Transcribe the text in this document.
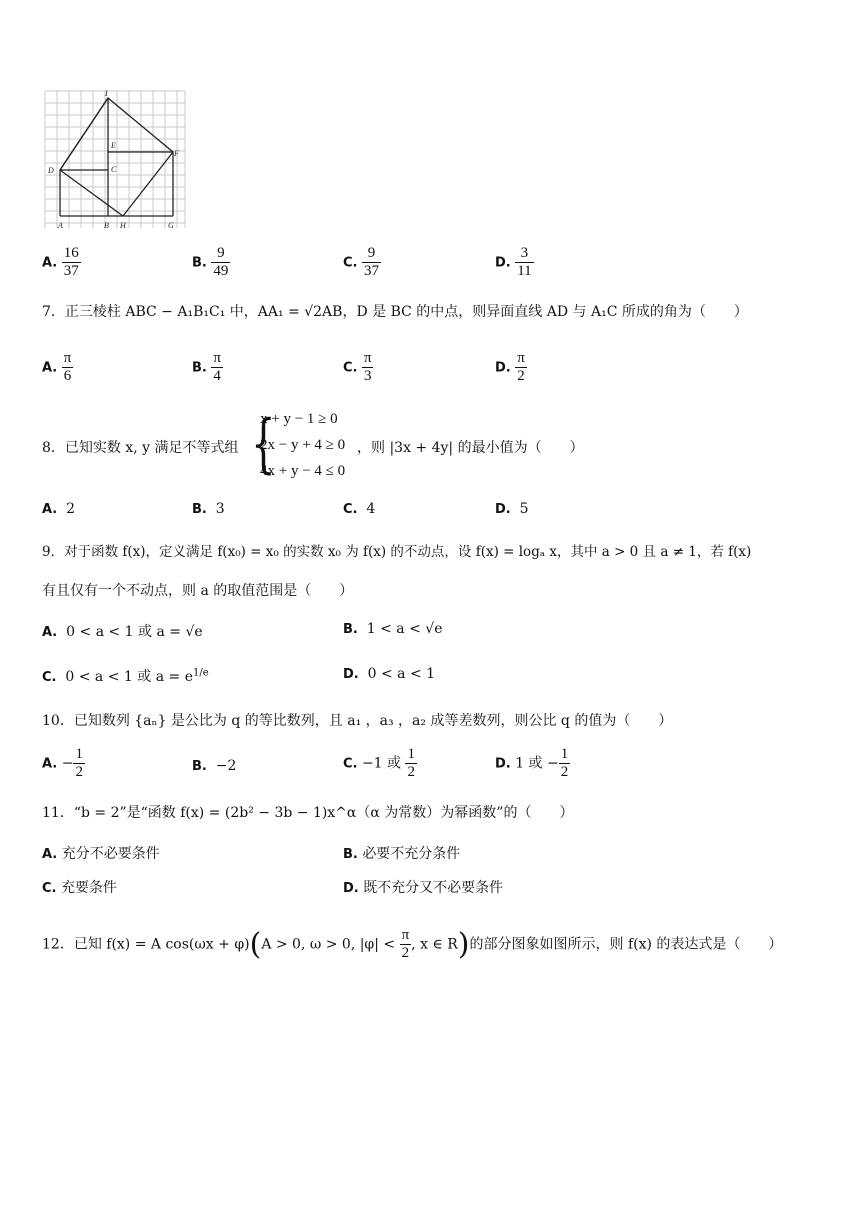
I
E
C
F
D
A	B H	G
A. $\frac{16}{37}$	B. $\frac{9}{49}$	C. $\frac{9}{37}$	D. $\frac{3}{11}$
7．正三棱柱 ABC − A₁B₁C₁ 中，AA₁ = √2AB，D 是 BC 的中点，则异面直线 AD 与 A₁C 所成的角为（　　）
A. $\frac{\pi}{6}$	B. $\frac{\pi}{4}$	C. $\frac{\pi}{3}$	D. $\frac{\pi}{2}$
8．已知实数 x, y 满足不等式组 {
x + y − 1 ≥ 0
2x − y + 4 ≥ 0
4x + y − 4 ≤ 0
，则 |3x + 4y| 的最小值为（　　）
A. 2	B. 3	C. 4	D. 5
9．对于函数 f(x)，定义满足 f(x₀) = x₀ 的实数 x₀ 为 f(x) 的不动点，设 f(x) = logₐ x，其中 a > 0 且 a ≠ 1，若 f(x)
有且仅有一个不动点，则 a 的取值范围是（　　）
A. 0 < a < 1 或 a = √e	B. 1 < a < √e
C. 0 < a < 1 或 $a = e^{1/e}$	D. 0 < a < 1
10．已知数列 {aₙ} 是公比为 q 的等比数列，且 a₁ ，a₃ ，a₂ 成等差数列，则公比 q 的值为（　　）
A. − $\frac{1}{2}$	B. −2	C. −1 或 $\frac{1}{2}$	D. 1 或 − $\frac{1}{2}$
11．“b = 2”是“函数 f(x) = (2b² − 3b − 1)x^α（α 为常数）为幂函数”的（　　）
A. 充分不必要条件	B. 必要不充分条件
C. 充要条件	D. 既不充分又不必要条件
12．已知 f(x) = A cos(ωx + φ)(A > 0, ω > 0, $|\varphi| < \frac{\pi}{2}$ , x ∈ R)的部分图象如图所示，则 f(x) 的表达式是（　　）
